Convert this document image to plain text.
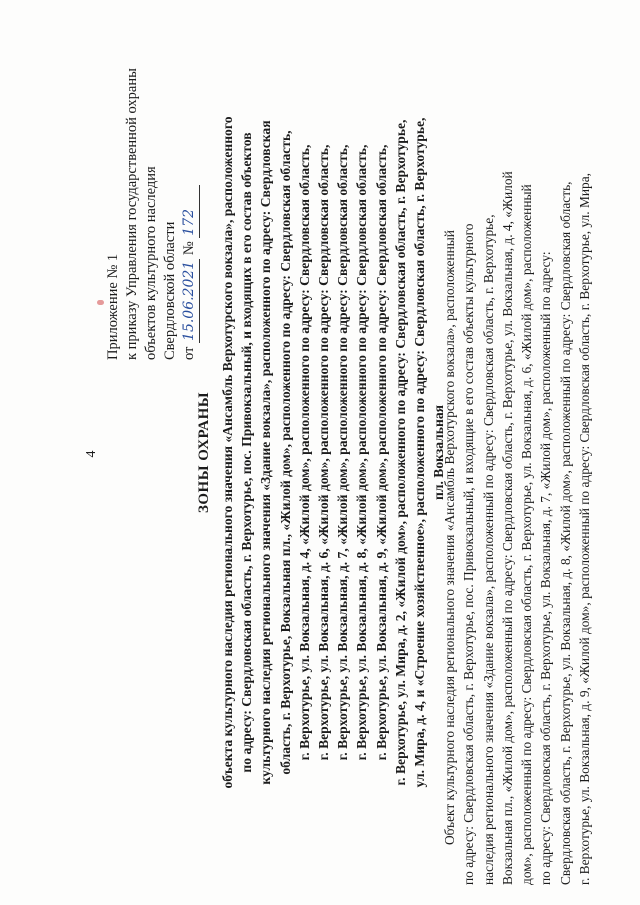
4
Приложение № 1 к приказу Управления государственной охраны объектов культурного наследия Свердловской области от 15.06.2021 № 172
ЗОНЫ ОХРАНЫ объекта культурного наследия регионального значения «Ансамбль Верхотурского вокзала», расположенного по адресу: Свердловская область, г. Верхотурье, пос. Привокзальный, и входящих в его состав объектов культурного наследия регионального значения «Здание вокзала», расположенного по адресу: Свердловская область, г. Верхотурье, Вокзальная пл., «Жилой дом», расположенного по адресу: Свердловская область, г. Верхотурье, ул. Вокзальная, д. 4, «Жилой дом», расположенного по адресу: Свердловская область, г. Верхотурье, ул. Вокзальная, д. 6, «Жилой дом», расположенного по адресу: Свердловская область, г. Верхотурье, ул. Вокзальная, д. 7, «Жилой дом», расположенного по адресу: Свердловская область, г. Верхотурье, ул. Вокзальная, д. 8, «Жилой дом», расположенного по адресу: Свердловская область, г. Верхотурье, ул. Вокзальная, д. 9, «Жилой дом», расположенного по адресу: Свердловская область, г. Верхотурье, ул. Мира, д. 2, «Жилой дом», расположенного по адресу: Свердловская область, г. Верхотурье, ул. Мира, д. 4, и «Строение хозяйственное», расположенного по адресу: Свердловская область, г. Верхотурье, пл. Вокзальная
Объект культурного наследия регионального значения «Ансамбль Верхотурского вокзала», расположенный по адресу: Свердловская область, г. Верхотурье, пос. Привокзальный, и входящие в его состав объекты культурного наследия регионального значения «Здание вокзала», расположенный по адресу: Свердловская область, г. Верхотурье, Вокзальная пл., «Жилой дом», расположенный по адресу: Свердловская область, г. Верхотурье, ул. Вокзальная, д. 4, «Жилой дом», расположенный по адресу: Свердловская область, г. Верхотурье, ул. Вокзальная, д. 6, «Жилой дом», расположенный по адресу: Свердловская область, г. Верхотурье, ул. Вокзальная, д. 7, «Жилой дом», расположенный по адресу: Свердловская область, г. Верхотурье, ул. Вокзальная, д. 8, «Жилой дом», расположенный по адресу: Свердловская область, г. Верхотурье, ул. Вокзальная, д. 9, «Жилой дом», расположенный по адресу: Свердловская область, г. Верхотурье, ул. Мира,
